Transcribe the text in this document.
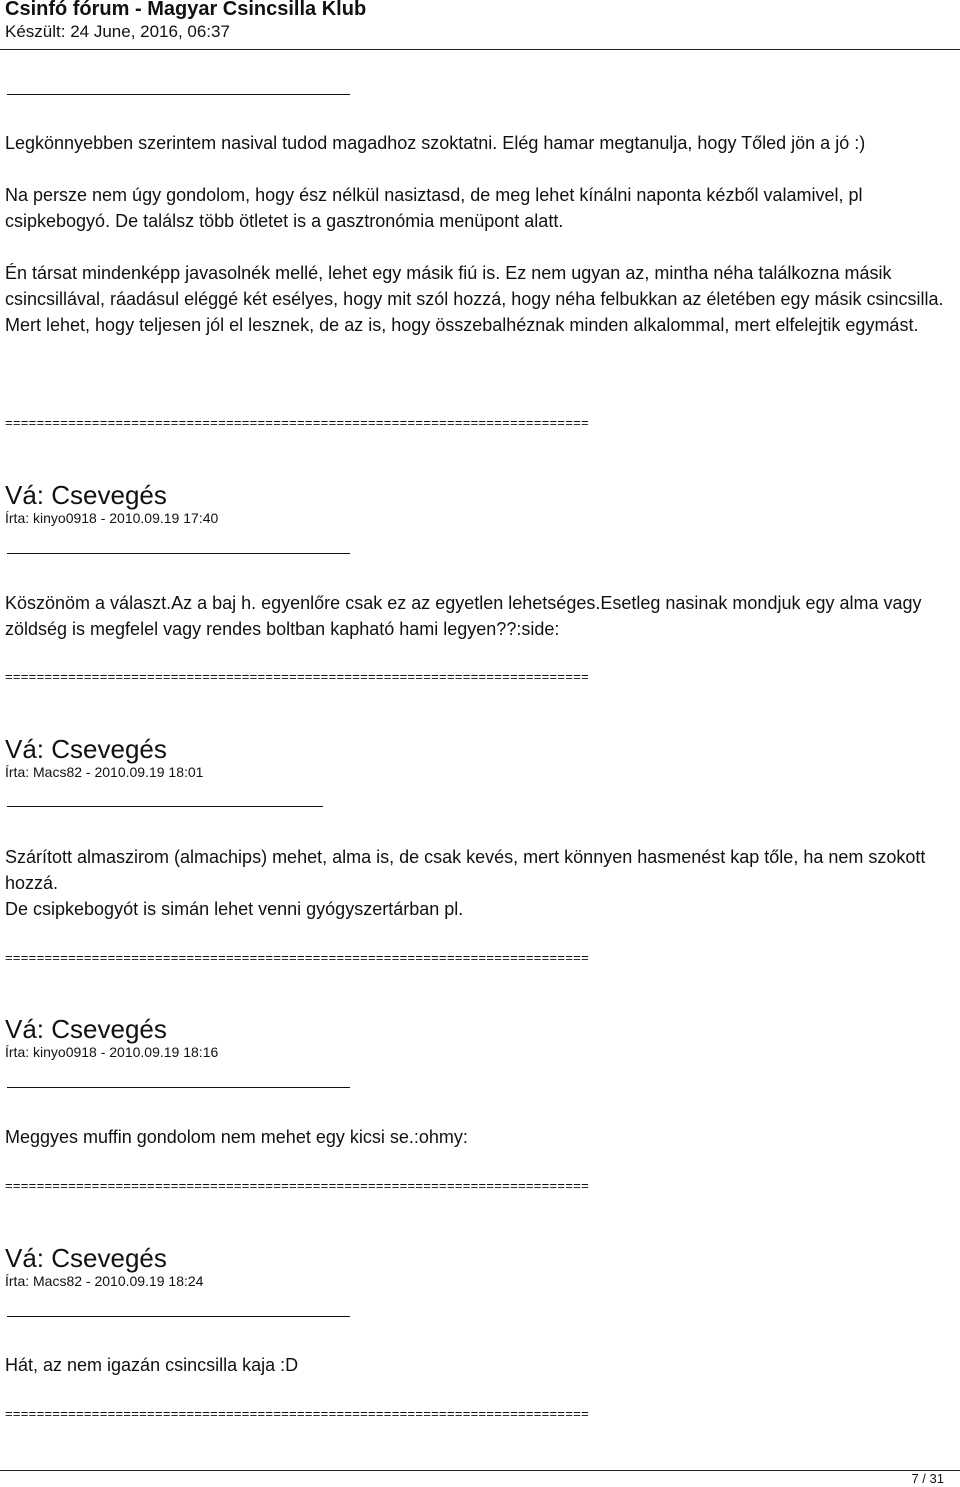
Csinfó fórum - Magyar Csincsilla Klub
Készült: 24 June, 2016, 06:37

Legkönnyebben szerintem nasival tudod magadhoz szoktatni. Elég hamar megtanulja, hogy Tőled jön a jó :)

Na persze nem úgy gondolom, hogy ész nélkül nasiztasd, de meg lehet kínálni naponta kézből valamivel, pl csipkebogyó. De találsz több ötletet is a gasztronómia menüpont alatt.

Én társat mindenképp javasolnék mellé, lehet egy másik fiú is. Ez nem ugyan az, mintha néha találkozna másik csincsillával, ráadásul eléggé két esélyes, hogy mit szól hozzá, hogy néha felbukkan az életében egy másik csincsilla. Mert lehet, hogy teljesen jól el lesznek, de az is, hogy összebalhéznak minden alkalommal, mert elfelejtik egymást.

==========================================================================
Vá: Csevegés
Írta: kinyo0918 - 2010.09.19 17:40

Köszönöm a választ.Az a baj h. egyenlőre csak ez az egyetlen lehetséges.Esetleg nasinak mondjuk egy alma vagy zöldség is megfelel vagy rendes boltban kapható hami legyen??:side:

==========================================================================
Vá: Csevegés
Írta: Macs82 - 2010.09.19 18:01

Szárított almaszirom (almachips) mehet, alma is, de csak kevés, mert könnyen hasmenést kap tőle, ha nem szokott hozzá.

De csipkebogyót is simán lehet venni gyógyszertárban pl.

==========================================================================
Vá: Csevegés
Írta: kinyo0918 - 2010.09.19 18:16

Meggyes muffin gondolom nem mehet egy kicsi se.:ohmy:

==========================================================================
Vá: Csevegés
Írta: Macs82 - 2010.09.19 18:24

Hát, az nem igazán csincsilla kaja :D

==========================================================================
7 / 31
